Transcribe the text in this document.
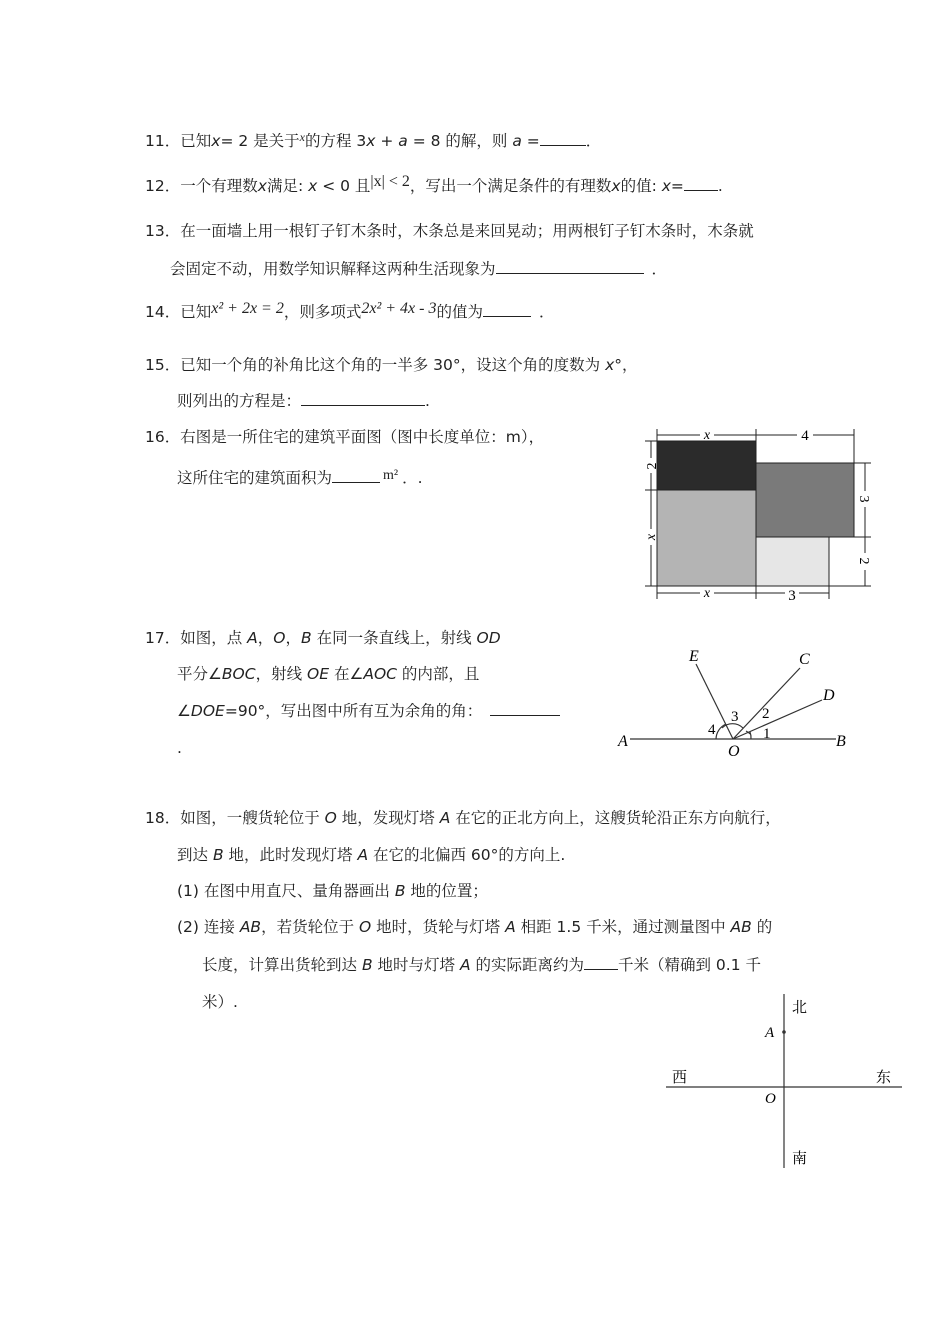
11．已知x= 2 是关于$^x$的方程 3x + a = 8 的解，则 a =	．
12．一个有理数x满足: x < 0 且|x| < 2，写出一个满足条件的有理数x的值: x= .
13．在一面墙上用一根钉子钉木条时，木条总是来回晃动；用两根钉子钉木条时，木条就
会固定不动，用数学知识解释这两种生活现象为	．
14．已知x² + 2x = 2，则多项式2x² + 4x - 3的值为	．
15．已知一个角的补角比这个角的一半多 30°，设这个角的度数为 x°，
则列出的方程是：	.
16．右图是一所住宅的建筑平面图（图中长度单位：m），
这所住宅的建筑面积为	m² ．.
x	4
2
x
3
2
x	3
17．如图，点 A，O，B 在同一条直线上，射线 OD
平分∠BOC，射线 OE 在∠AOC 的内部，且
∠DOE=90°，写出图中所有互为余角的角：
.	A	B
O
E	C
D
1
2
3
4
18．如图，一艘货轮位于 O 地，发现灯塔 A 在它的正北方向上，这艘货轮沿正东方向航行，
到达 B 地，此时发现灯塔 A 在它的北偏西 60°的方向上.
(1) 在图中用直尺、量角器画出 B 地的位置；
(2) 连接 AB，若货轮位于 O 地时，货轮与灯塔 A 相距 1.5 千米，通过测量图中 AB 的
长度，计算出货轮到达 B 地时与灯塔 A 的实际距离约为 千米（精确到 0.1 千
米）.	北
南
西	东
A
O
